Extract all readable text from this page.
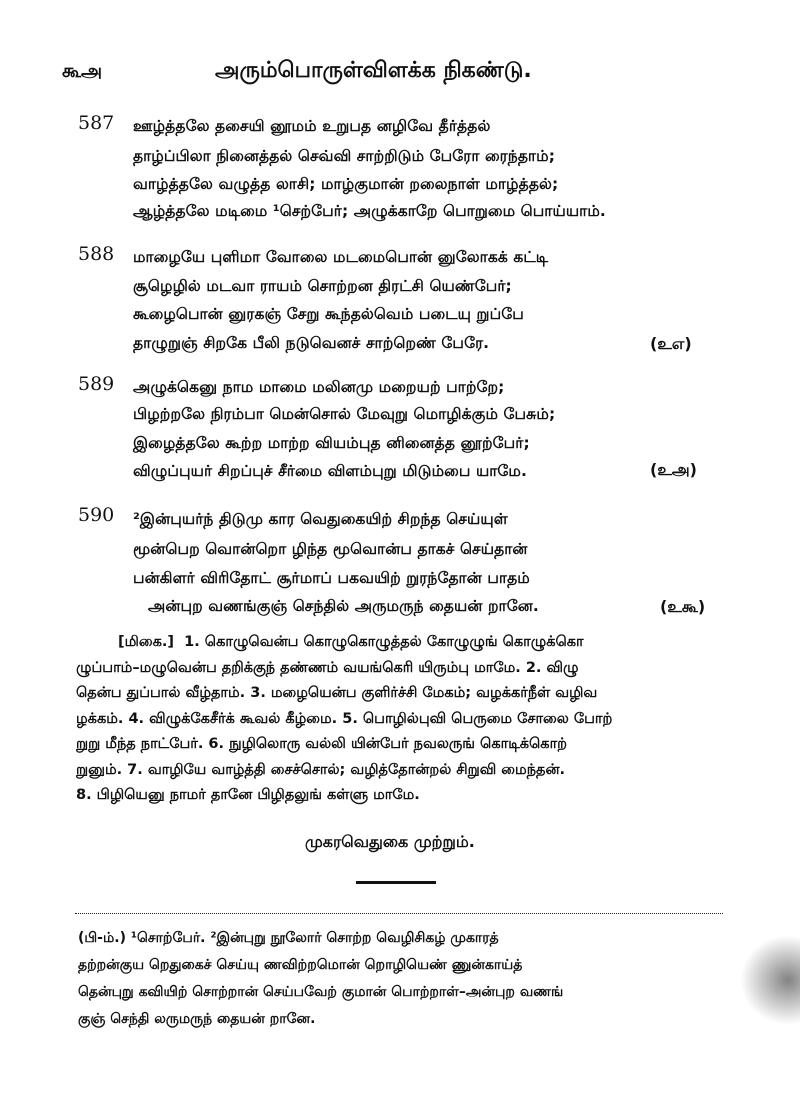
கூஅ	அரும்பொருள்விளக்க நிகண்டு.
587 ஊழ்த்தலே தசையி னூமம் உறுபத னழிவே தீர்த்தல்
தாழ்ப்பிலா நினைத்தல் செவ்வி சாற்றிடும் பேரோ ரைந்தாம்;
வாழ்த்தலே வழுத்த லாசி; மாழ்குமான் றலைநாள் மாழ்த்தல்;
ஆழ்த்தலே மடிமை ¹செற்பேர்; அழுக்காறே பொறுமை பொய்யாம்.
588 மாழையே புளிமா வோலை மடமைபொன் னுலோகக் கட்டி
சூழெழில் மடவா ராயம் சொற்றன திரட்சி யெண்பேர்;
கூழைபொன் னுரகஞ் சேறு கூந்தல்வெம் படையு றுப்பே
தாழுறுஞ் சிறகே பீலி நடுவெனச் சாற்றெண் பேரே.	(உஎ)
589 அழுக்கெனு நாம மாமை மலினமு மறையற் பாற்றே;
பிழற்றலே நிரம்பா மென்சொல் மேவுறு மொழிக்கும் பேசும்;
இழைத்தலே கூற்ற மாற்ற வியம்புத னினைத்த னூற்பேர்;
விழுப்புயர் சிறப்புச் சீர்மை விளம்புறு மிடும்பை யாமே.	(உஅ)
590 ²இன்புயர்ந் திடுமு கார வெதுகையிற் சிறந்த செய்யுள்
மூன்பெற வொன்றொ ழிந்த மூவொன்ப தாகச் செய்தான்
பன்கிளர் விரிதோட் சூர்மாப் பகவயிற் றுரந்தோன் பாதம்
அன்புற வணங்குஞ் செந்தில் அருமருந் தையன் றானே.	(உகூ)
[மிகை.] 1. கொழுவென்ப கொழுகொழுத்தல் கோழுழுங் கொழுக்கொ
ழுப்பாம்–மழுவென்ப தறிக்குந் தண்ணம் வயங்கெரி யிரும்பு மாமே. 2. விழு
தென்ப துப்பால் வீழ்தாம். 3. மழையென்ப குளிர்ச்சி மேகம்; வழக்கர்நீள் வழிவ
ழக்கம். 4. விழுக்கேசீர்க் கூவல் கீழ்மை. 5. பொழில்புவி பெருமை சோலை போற்
றுறு மீந்த நாட்பேர். 6. நுழிலொரு வல்லி யின்பேர் நவலருங் கொடிக்கொற்
றுனும். 7. வாழியே வாழ்த்தி சைச்சொல்; வழித்தோன்றல் சிறுவி மைந்தன்.
8. பிழியெனு நாமர் தானே பிழிதலுங் கள்ளு மாமே.
முகரவெதுகை முற்றும்.
(பி-ம்.) ¹சொற்பேர். ²இன்புறு நூலோர் சொற்ற வெழிசிகழ் முகாரத்
தற்றன்குய றெதுகைச் செய்யு ணவிற்றமொன் றொழியெண் ணுன்காய்த்
தென்புறு கவியிற் சொற்றான் செய்பவேற் குமான் பொற்றாள்–அன்புற வணங்
குஞ் செந்தி லருமருந் தையன் றானே.
